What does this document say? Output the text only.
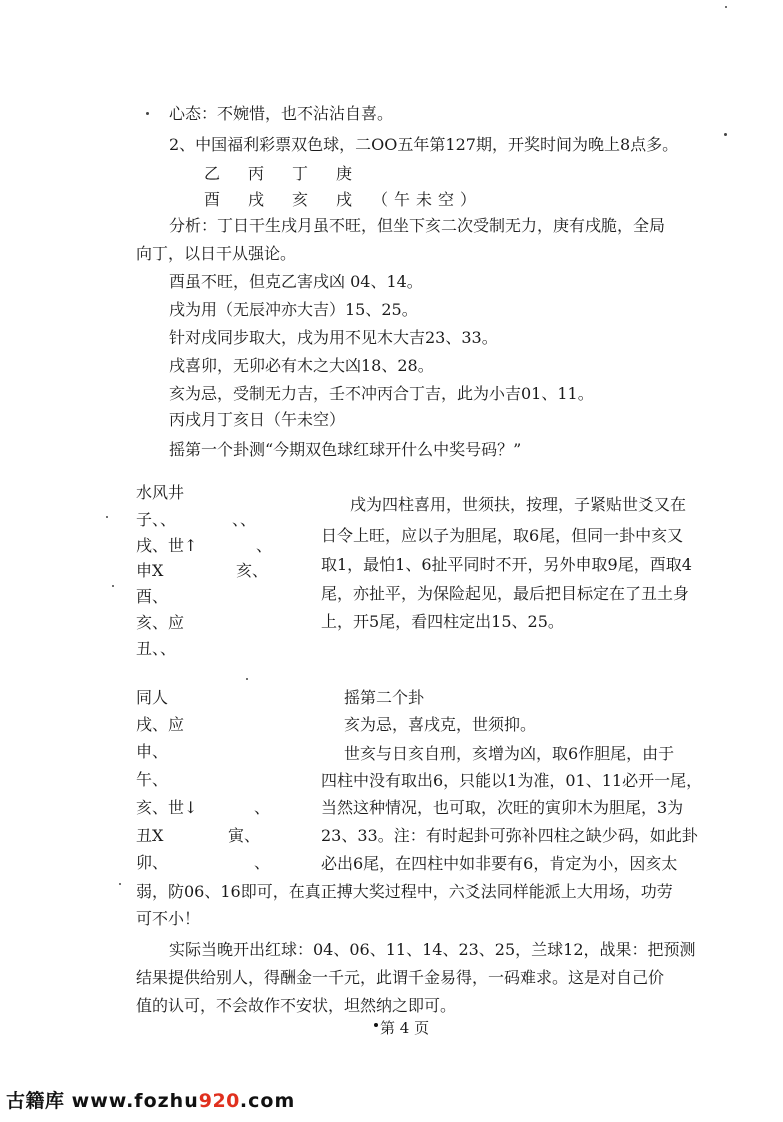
心态：不婉惜，也不沾沾自喜。
2、中国福利彩票双色球，二OO五年第127期，开奖时间为晚上8点多。
乙　丙　丁　庚
酉　戌　亥　戌　（午未空）
分析：丁日干生戌月虽不旺，但坐下亥二次受制无力，庚有戌脆，全局
向丁，以日干从强论。
酉虽不旺，但克乙害戌凶 04、14。
戌为用（无辰冲亦大吉）15、25。
针对戌同步取大，戌为用不见木大吉23、33。
戌喜卯，无卯必有木之大凶18、28。
亥为忌，受制无力吉，壬不冲丙合丁吉，此为小吉01、11。
丙戌月丁亥日（午未空）
摇第一个卦测“今期双色球红球开什么中奖号码？”
水风井
子、、	、、
戌、世↑	、
申X	亥、
酉、
亥、应
丑、、
戌为四柱喜用，世须扶，按理，子紧贴世爻又在
日令上旺，应以子为胆尾，取6尾，但同一卦中亥又
取1，最怕1、6扯平同时不开，另外申取9尾，酉取4
尾，亦扯平，为保险起见，最后把目标定在了丑土身
上，开5尾，看四柱定出15、25。
同人
戌、应
申、
午、
亥、世↓	、
丑X	寅、
卯、	、
摇第二个卦
亥为忌，喜戌克，世须抑。
世亥与日亥自刑，亥增为凶，取6作胆尾，由于
四柱中没有取出6，只能以1为准，01、11必开一尾，
当然这种情况，也可取，次旺的寅卯木为胆尾，3为
23、33。注：有时起卦可弥补四柱之缺少码，如此卦
必出6尾，在四柱中如非要有6，肯定为小，因亥太
弱，防06、16即可，在真正搏大奖过程中，六爻法同样能派上大用场，功劳
可不小！
实际当晚开出红球：04、06、11、14、23、25，兰球12，战果：把预测
结果提供给别人，得酬金一千元，此谓千金易得，一码难求。这是对自己价
值的认可，不会故作不安状，坦然纳之即可。
第 4 页
古籍库 www.fozhu920.com
